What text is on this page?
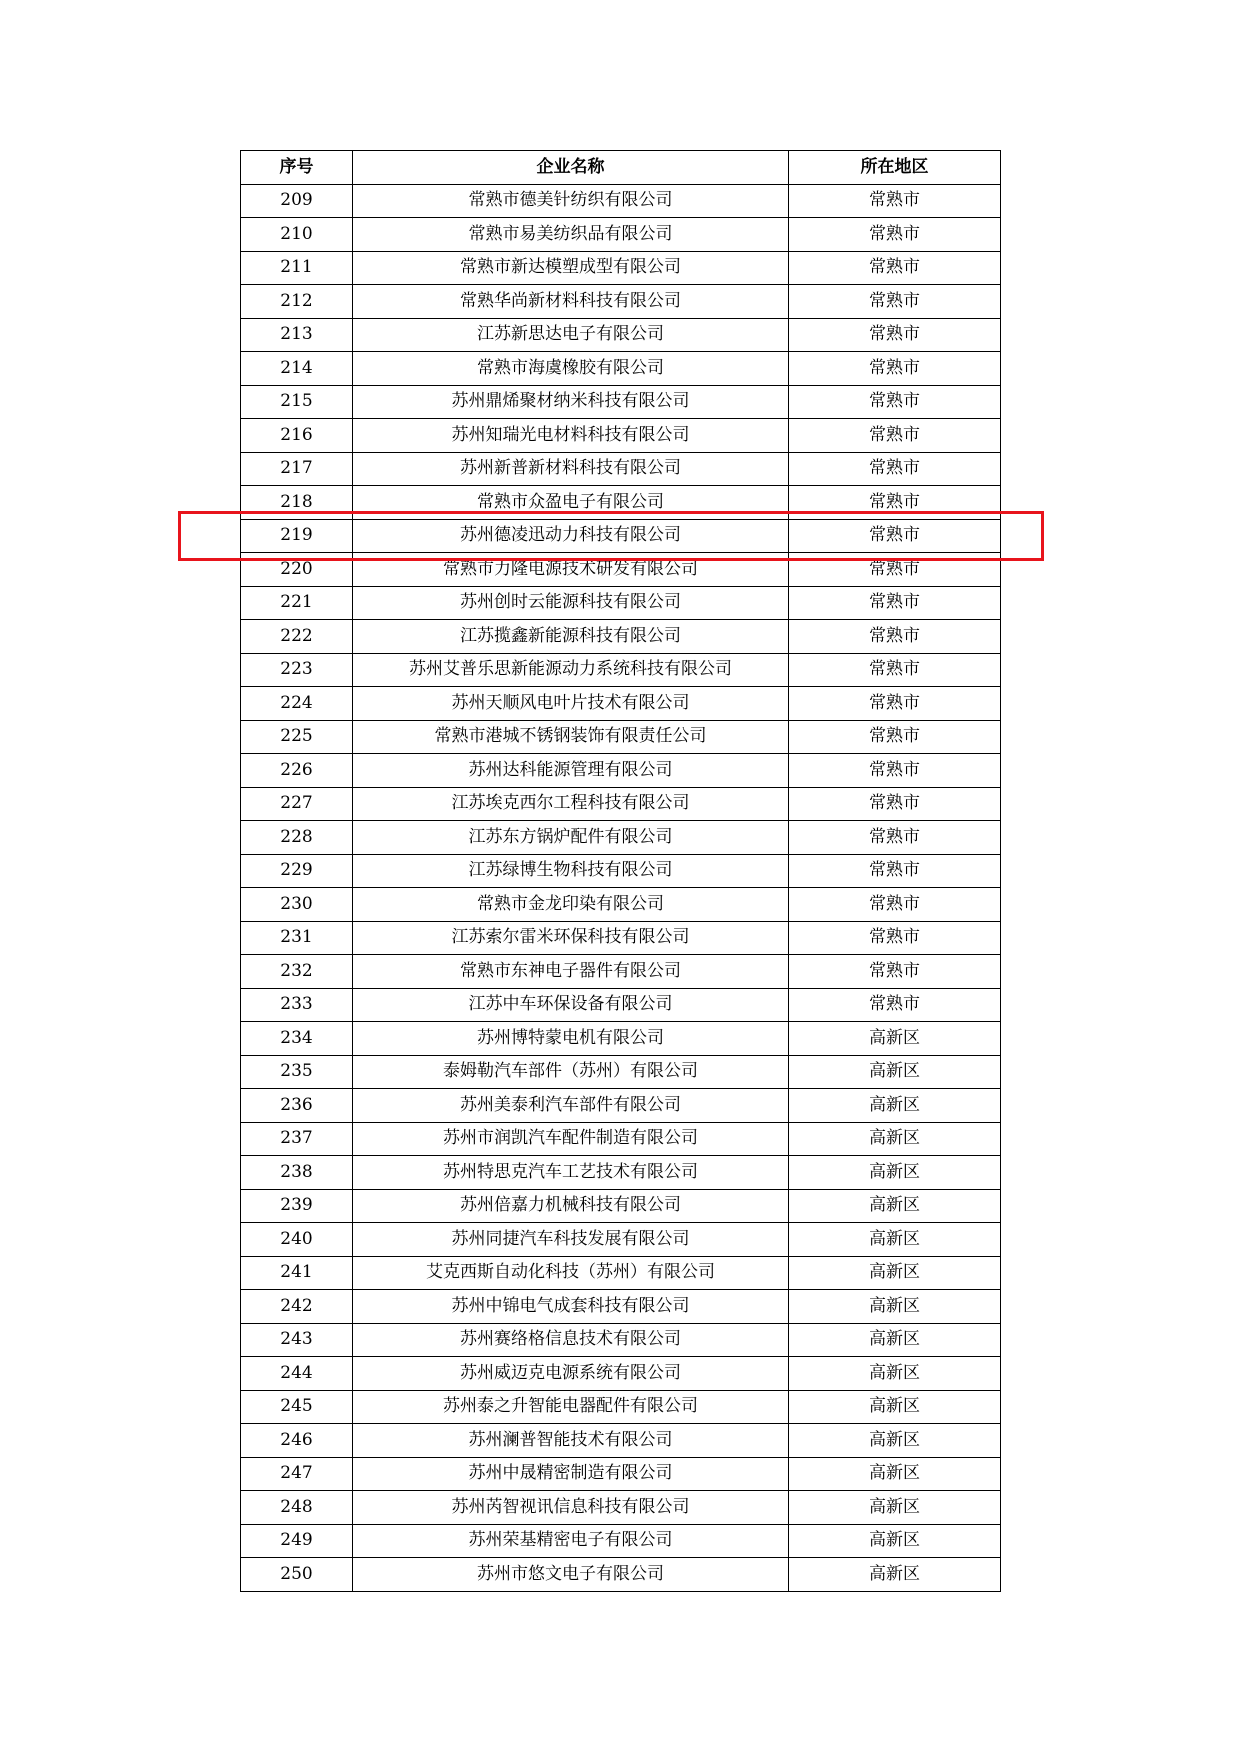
序号	企业名称	所在地区
209	常熟市德美针纺织有限公司	常熟市
210	常熟市易美纺织品有限公司	常熟市
211	常熟市新达模塑成型有限公司	常熟市
212	常熟华尚新材料科技有限公司	常熟市
213	江苏新思达电子有限公司	常熟市
214	常熟市海虞橡胶有限公司	常熟市
215	苏州鼎烯聚材纳米科技有限公司	常熟市
216	苏州知瑞光电材料科技有限公司	常熟市
217	苏州新普新材料科技有限公司	常熟市
218	常熟市众盈电子有限公司	常熟市
219	苏州德凌迅动力科技有限公司	常熟市
220	常熟市力隆电源技术研发有限公司	常熟市
221	苏州创时云能源科技有限公司	常熟市
222	江苏揽鑫新能源科技有限公司	常熟市
223	苏州艾普乐思新能源动力系统科技有限公司	常熟市
224	苏州天顺风电叶片技术有限公司	常熟市
225	常熟市港城不锈钢装饰有限责任公司	常熟市
226	苏州达科能源管理有限公司	常熟市
227	江苏埃克西尔工程科技有限公司	常熟市
228	江苏东方锅炉配件有限公司	常熟市
229	江苏绿博生物科技有限公司	常熟市
230	常熟市金龙印染有限公司	常熟市
231	江苏索尔雷米环保科技有限公司	常熟市
232	常熟市东神电子器件有限公司	常熟市
233	江苏中车环保设备有限公司	常熟市
234	苏州博特蒙电机有限公司	高新区
235	泰姆勒汽车部件（苏州）有限公司	高新区
236	苏州美泰利汽车部件有限公司	高新区
237	苏州市润凯汽车配件制造有限公司	高新区
238	苏州特思克汽车工艺技术有限公司	高新区
239	苏州倍嘉力机械科技有限公司	高新区
240	苏州同捷汽车科技发展有限公司	高新区
241	艾克西斯自动化科技（苏州）有限公司	高新区
242	苏州中锦电气成套科技有限公司	高新区
243	苏州赛络格信息技术有限公司	高新区
244	苏州威迈克电源系统有限公司	高新区
245	苏州泰之升智能电器配件有限公司	高新区
246	苏州澜普智能技术有限公司	高新区
247	苏州中晟精密制造有限公司	高新区
248	苏州芮智视讯信息科技有限公司	高新区
249	苏州荣基精密电子有限公司	高新区
250	苏州市悠文电子有限公司	高新区
